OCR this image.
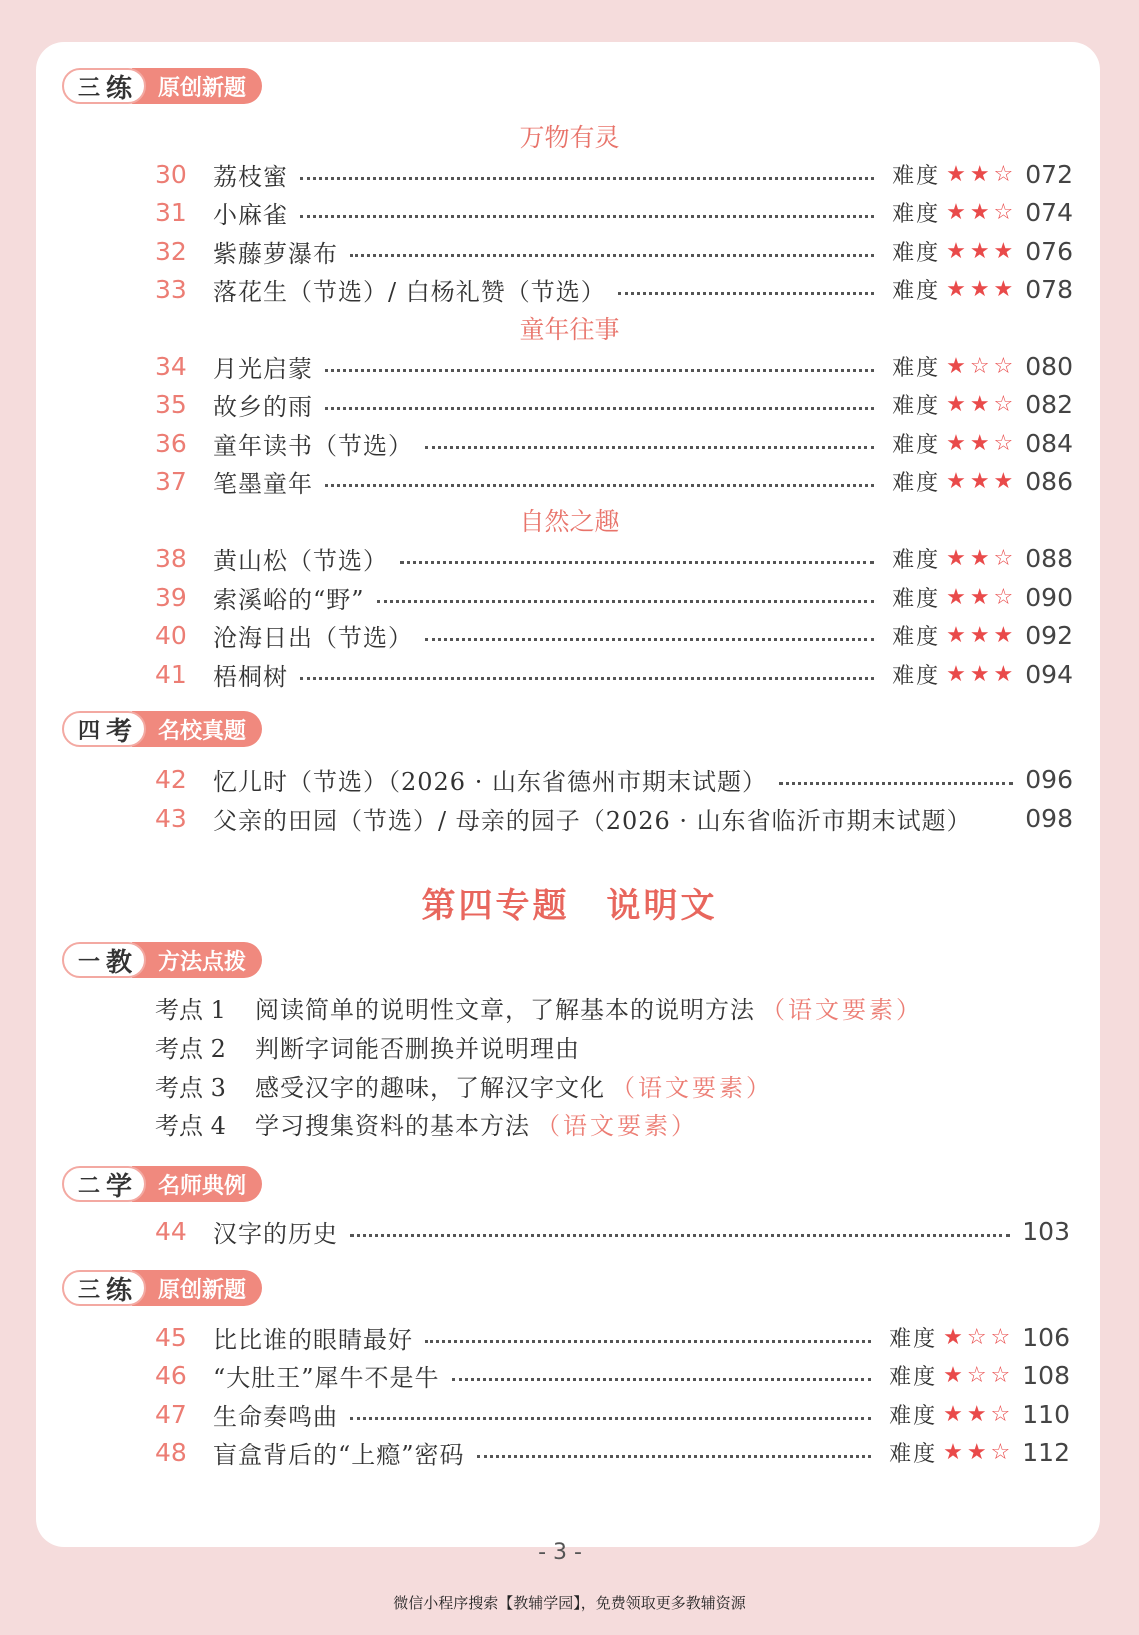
三 练	原创新题
万物有灵
30	荔枝蜜	难度 ★★☆ 072
31	小麻雀	难度 ★★☆ 074
32	紫藤萝瀑布	难度 ★★★ 076
33	落花生（节选）/ 白杨礼赞（节选）	难度 ★★★ 078
34	月光启蒙	难度 ★☆☆ 080
35	故乡的雨	难度 ★★☆ 082
36	童年读书（节选）	难度 ★★☆ 084
37	笔墨童年	难度 ★★★ 086
38	黄山松（节选）	难度 ★★☆ 088
39	索溪峪的“野”	难度 ★★☆ 090
40	沧海日出（节选）	难度 ★★★ 092
41	梧桐树	难度 ★★★ 094
童年往事
自然之趣
四 考	名校真题
42	忆儿时（节选）（2026 · 山东省德州市期末试题）	096
43	父亲的田园（节选）/ 母亲的园子（2026 · 山东省临沂市期末试题） 098
第四专题　说明文
一 教	方法点拨
考点 1	阅读简单的说明性文章，了解基本的说明方法 （语文要素）
考点 2	判断字词能否删换并说明理由
考点 3	感受汉字的趣味，了解汉字文化 （语文要素）
考点 4	学习搜集资料的基本方法 （语文要素）
二 学	名师典例
44	汉字的历史	103
三 练	原创新题
45	比比谁的眼睛最好	难度 ★☆☆ 106
46	“大肚王”犀牛不是牛	难度 ★☆☆ 108
47	生命奏鸣曲	难度 ★★☆ 110
48	盲盒背后的“上瘾”密码	难度 ★★☆ 112
- 3 -
微信小程序搜索【教辅学园】，免费领取更多教辅资源
